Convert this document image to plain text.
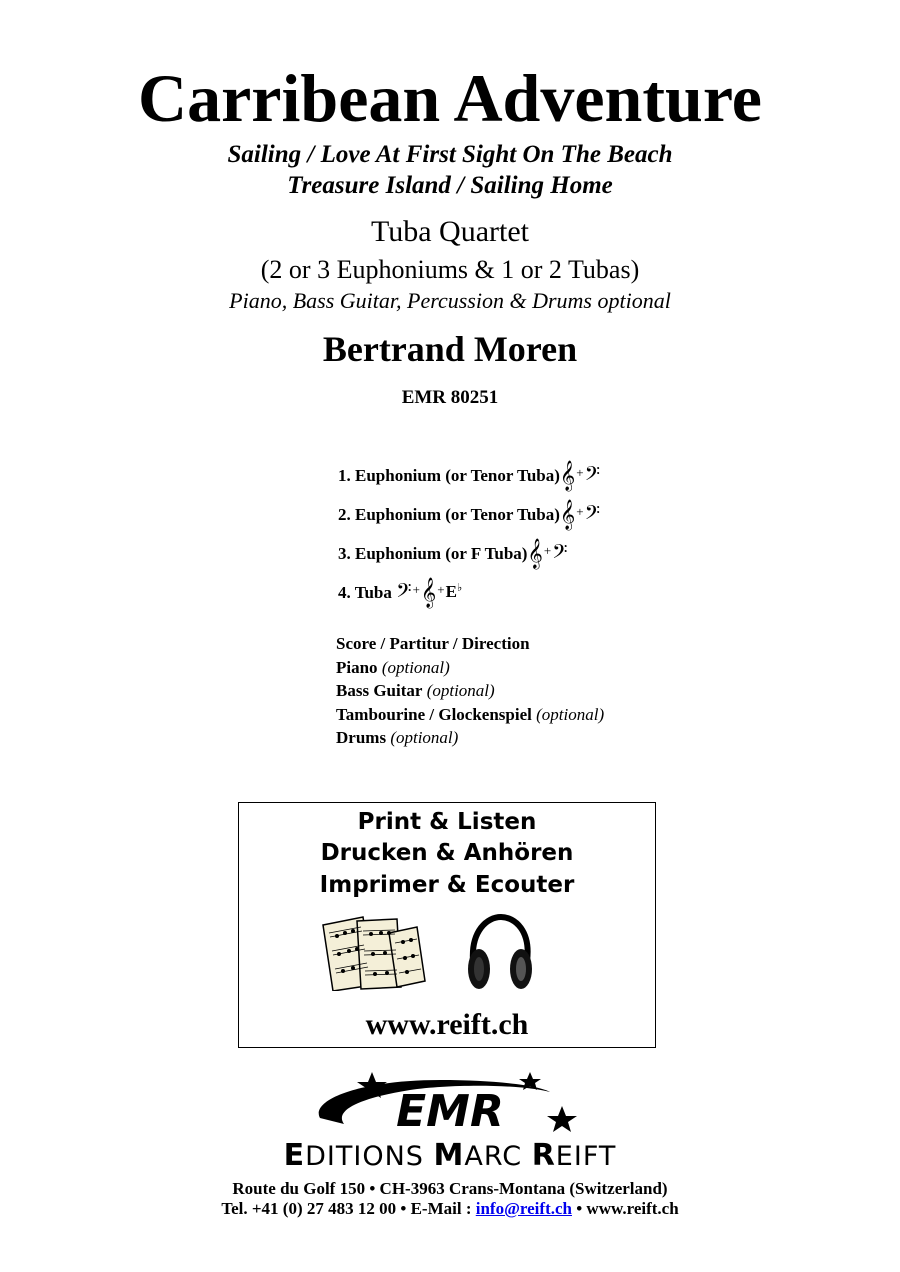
Carribean Adventure
Sailing / Love At First Sight On The Beach
Treasure Island / Sailing Home
Tuba Quartet
(2 or 3 Euphoniums & 1 or 2 Tubas)
Piano, Bass Guitar, Percussion & Drums optional
Bertrand Moren
EMR 80251
1. Euphonium (or Tenor Tuba) 𝄞 + 𝄢
2. Euphonium (or Tenor Tuba) 𝄞 + 𝄢
3. Euphonium (or F Tuba) 𝄞 + 𝄢
4. Tuba
𝄢 + 𝄞 + E♭
Score / Partitur / Direction
Piano (optional)
Bass Guitar (optional)
Tambourine / Glockenspiel (optional)
Drums (optional)
Print & Listen
Drucken & Anhören
Imprimer & Ecouter
www.reift.ch
EMR
EDITIONS MARC REIFT
Route du Golf 150 • CH-3963 Crans-Montana (Switzerland)
Tel. +41 (0) 27 483 12 00 • E-Mail : info@reift.ch • www.reift.ch
